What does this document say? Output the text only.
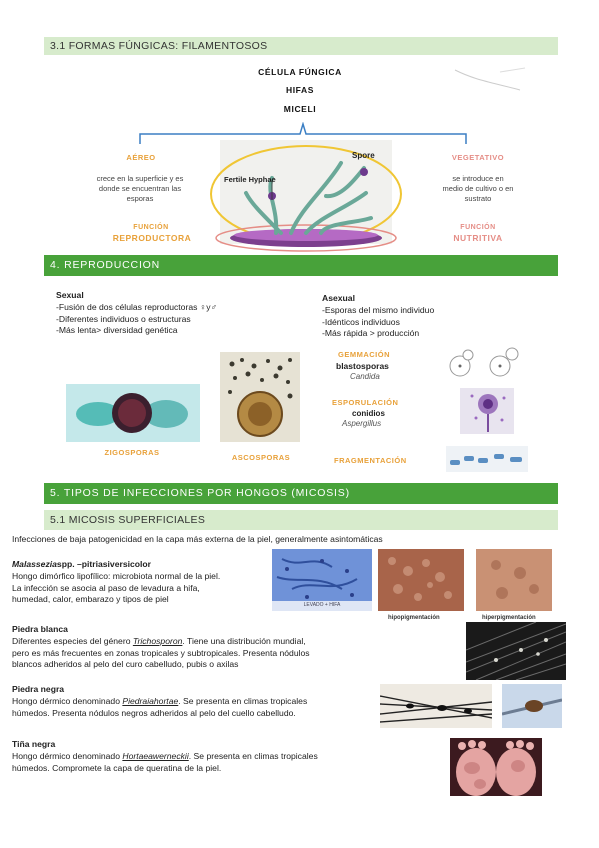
3.1 FORMAS FÚNGICAS: FILAMENTOSOS
CÉLULA FÚNGICA
HIFAS
MICELI
AÉREO
crece en la superficie y es
donde se encuentran las
esporas
FUNCIÓN
REPRODUCTORA
VEGETATIVO
se introduce en
medio de cultivo o en
sustrato
FUNCIÓN
NUTRITIVA
Spore
Fertile Hyphae
4. REPRODUCCION
Sexual
-Fusión de dos células reproductoras ♀y♂
-Diferentes individuos o estructuras
-Más lenta> diversidad genética
Asexual
-Esporas del mismo individuo
-Idénticos individuos
-Más rápida > producción
ZIGOSPORAS
ASCOSPORAS
GEMMACIÓN
blastosporas
Candida
ESPORULACIÓN
conidios
Aspergillus
FRAGMENTACIÓN
5. TIPOS DE INFECCIONES POR HONGOS (MICOSIS)
5.1 MICOSIS SUPERFICIALES
Infecciones de baja patogenicidad en la capa más externa de la piel, generalmente asintomáticas
Malasseziaspp. –pitriasiversicolor
Hongo dimórfico lipofílico: microbiota normal de la piel.
La infección se asocia al paso de levadura a hifa,
humedad, calor, embarazo y tipos de piel
LEVADO + HIFA
hipopigmentación	hiperpigmentación
Piedra blanca
Diferentes especies del género Trichosporon. Tiene una distribución mundial,
pero es más frecuentes en zonas tropicales y subtropicales. Presenta nódulos
blancos adheridos al pelo del curo cabelludo, pubis o axilas
Piedra negra
Hongo dérmico denominado Piedraiahortae. Se presenta en climas tropicales
húmedos. Presenta nódulos negros adheridos al pelo del cuello cabelludo.
Tiña negra
Hongo dérmico denominado Hortaeawerneckii. Se presenta en climas tropicales
húmedos. Compromete la capa de queratina de la piel.
